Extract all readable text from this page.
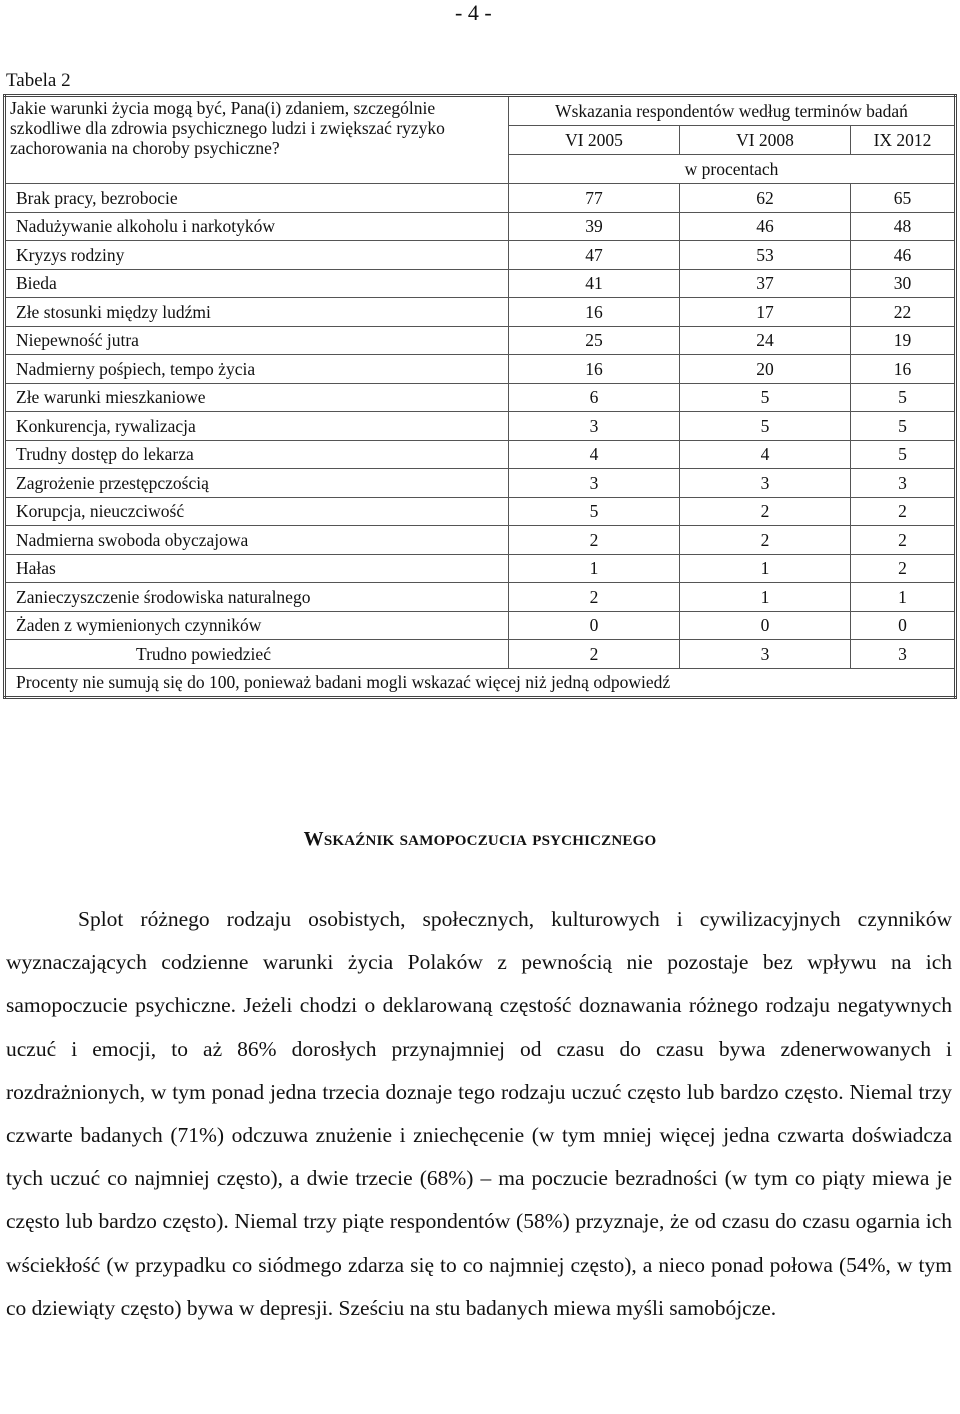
- 4 -
Tabela 2
Jakie warunki życia mogą być, Pana(i) zdaniem, szczególnie szkodliwe dla zdrowia psychicznego ludzi i zwiększać ryzyko zachorowania na choroby psychiczne?	Wskazania respondentów według terminów badań		
	VI 2005	VI 2008	IX 2012
	w procentach		
Brak pracy, bezrobocie	77	62	65
Nadużywanie alkoholu i narkotyków	39	46	48
Kryzys rodziny	47	53	46
Bieda	41	37	30
Złe stosunki między ludźmi	16	17	22
Niepewność jutra	25	24	19
Nadmierny pośpiech, tempo życia	16	20	16
Złe warunki mieszkaniowe	6	5	5
Konkurencja, rywalizacja	3	5	5
Trudny dostęp do lekarza	4	4	5
Zagrożenie przestępczością	3	3	3
Korupcja, nieuczciwość	5	2	2
Nadmierna swoboda obyczajowa	2	2	2
Hałas	1	1	2
Zanieczyszczenie środowiska naturalnego	2	1	1
Żaden z wymienionych czynników	0	0	0
Trudno powiedzieć	2	3	3
Procenty nie sumują się do 100, ponieważ badani mogli wskazać więcej niż jedną odpowiedź			
WSKAŹNIK SAMOPOCZUCIA PSYCHICZNEGO

Splot różnego rodzaju osobistych, społecznych, kulturowych i cywilizacyjnych czynników wyznaczających codzienne warunki życia Polaków z pewnością nie pozostaje bez wpływu na ich samopoczucie psychiczne. Jeżeli chodzi o deklarowaną częstość doznawania różnego rodzaju negatywnych uczuć i emocji, to aż 86% dorosłych przynajmniej od czasu do czasu bywa zdenerwowanych i rozdrażnionych, w tym ponad jedna trzecia doznaje tego rodzaju uczuć często lub bardzo często. Niemal trzy czwarte badanych (71%) odczuwa znużenie i zniechęcenie (w tym mniej więcej jedna czwarta doświadcza tych uczuć co najmniej często), a dwie trzecie (68%) – ma poczucie bezradności (w tym co piąty miewa je często lub bardzo często). Niemal trzy piąte respondentów (58%) przyznaje, że od czasu do czasu ogarnia ich wściekłość (w przypadku co siódmego zdarza się to co najmniej często), a nieco ponad połowa (54%, w tym co dziewiąty często) bywa w depresji. Sześciu na stu badanych miewa myśli samobójcze.
